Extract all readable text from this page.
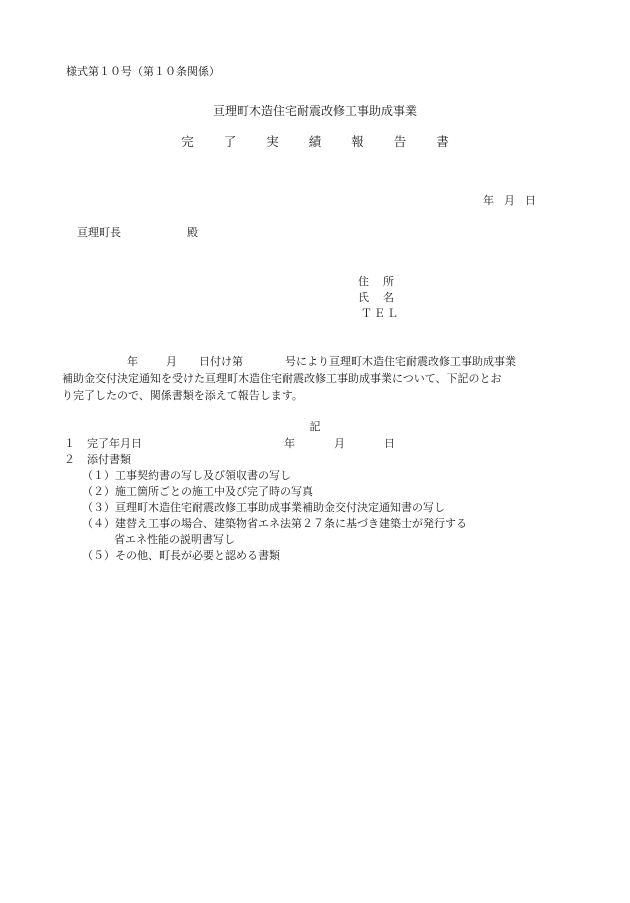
様式第１０号（第１０条関係）
亘理町木造住宅耐震改修工事助成事業
完 了 実 績 報 告 書
年 月 日
亘理町長	殿
住 所
氏 名
ＴＥＬ
年	月 日付け第	号により亘理町木造住宅耐震改修工事助成事業
補助金交付決定通知を受けた亘理町木造住宅耐震改修工事助成事業について、下記のとお
り完了したので、関係書類を添えて報告します。
記
１ 完了年月日	年	月	日
２ 添付書類
（１）工事契約書の写し及び領収書の写し
（２）施工箇所ごとの施工中及び完了時の写真
（３）亘理町木造住宅耐震改修工事助成事業補助金交付決定通知書の写し
（４）建替え工事の場合、建築物省エネ法第２７条に基づき建築士が発行する
省エネ性能の説明書写し
（５）その他、町長が必要と認める書類
